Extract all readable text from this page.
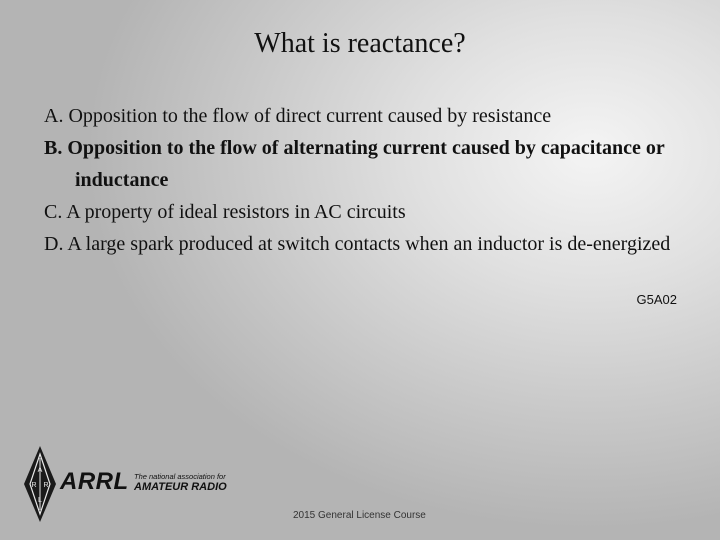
What is reactance?
A. Opposition to the flow of direct current caused by resistance
B. Opposition to the flow of alternating current caused by capacitance or inductance
C. A property of ideal resistors in AC circuits
D. A large spark produced at switch contacts when an inductor is de-energized
G5A02
A
R R
L
ARRL The national association for
AMATEUR RADIO
2015 General License Course
